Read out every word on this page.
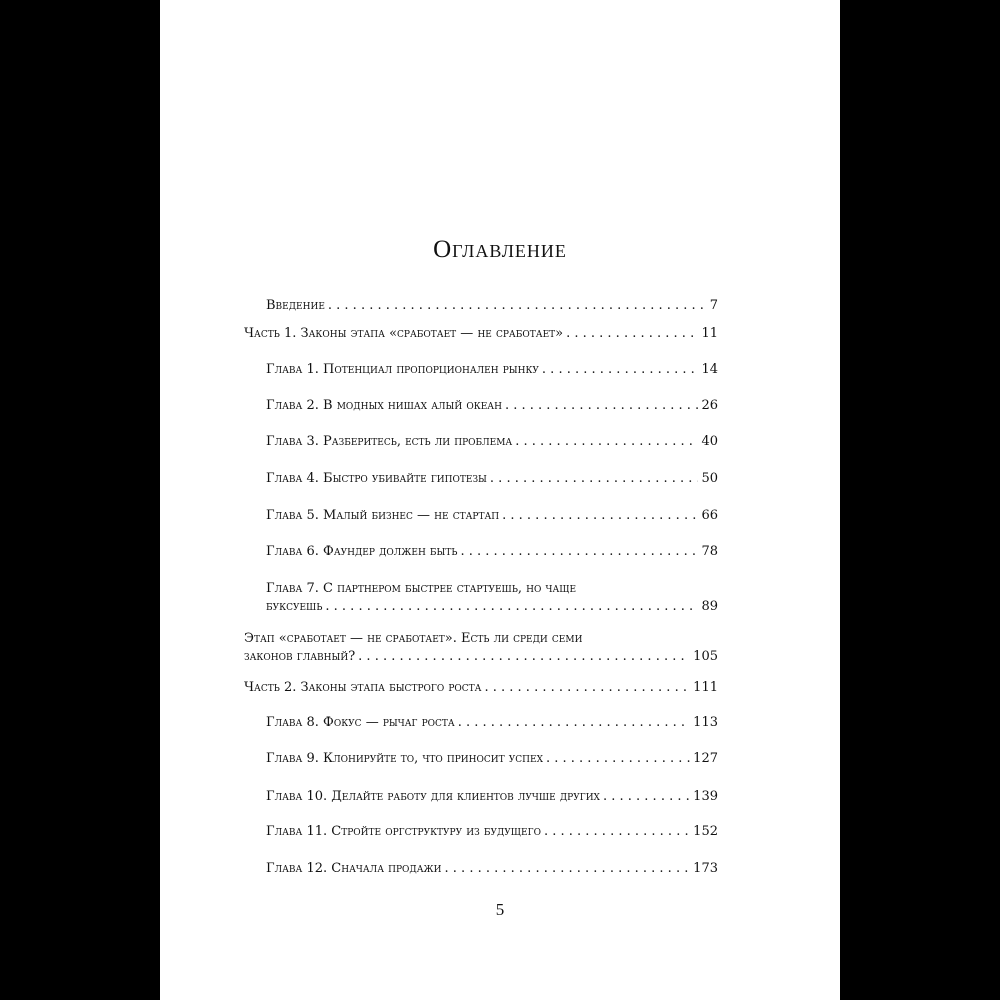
Оглавление
Введение . . .	7
Часть 1. Законы этапа «сработает — не сработает» . . .	11
Глава 1. Потенциал пропорционален рынку . . .	14
Глава 2. В модных нишах алый океан . . .	26
Глава 3. Разберитесь, есть ли проблема . . .	40
Глава 4. Быстро убивайте гипотезы . . .	50
Глава 5. Малый бизнес — не стартап . . .	66
Глава 6. Фаундер должен быть . . .	78
Глава 7. С партнером быстрее стартуешь, но чаще
буксуешь . . .	89
Этап «сработает — не сработает». Есть ли среди семи
законов главный? . . .	105
Часть 2. Законы этапа быстрого роста . . .	111
Глава 8. Фокус — рычаг роста . . .	113
Глава 9. Клонируйте то, что приносит успех . . .	127
Глава 10. Делайте работу для клиентов лучше других . . .	139
Глава 11. Стройте оргструктуру из будущего . . .	152
Глава 12. Сначала продажи . . .	173
5
